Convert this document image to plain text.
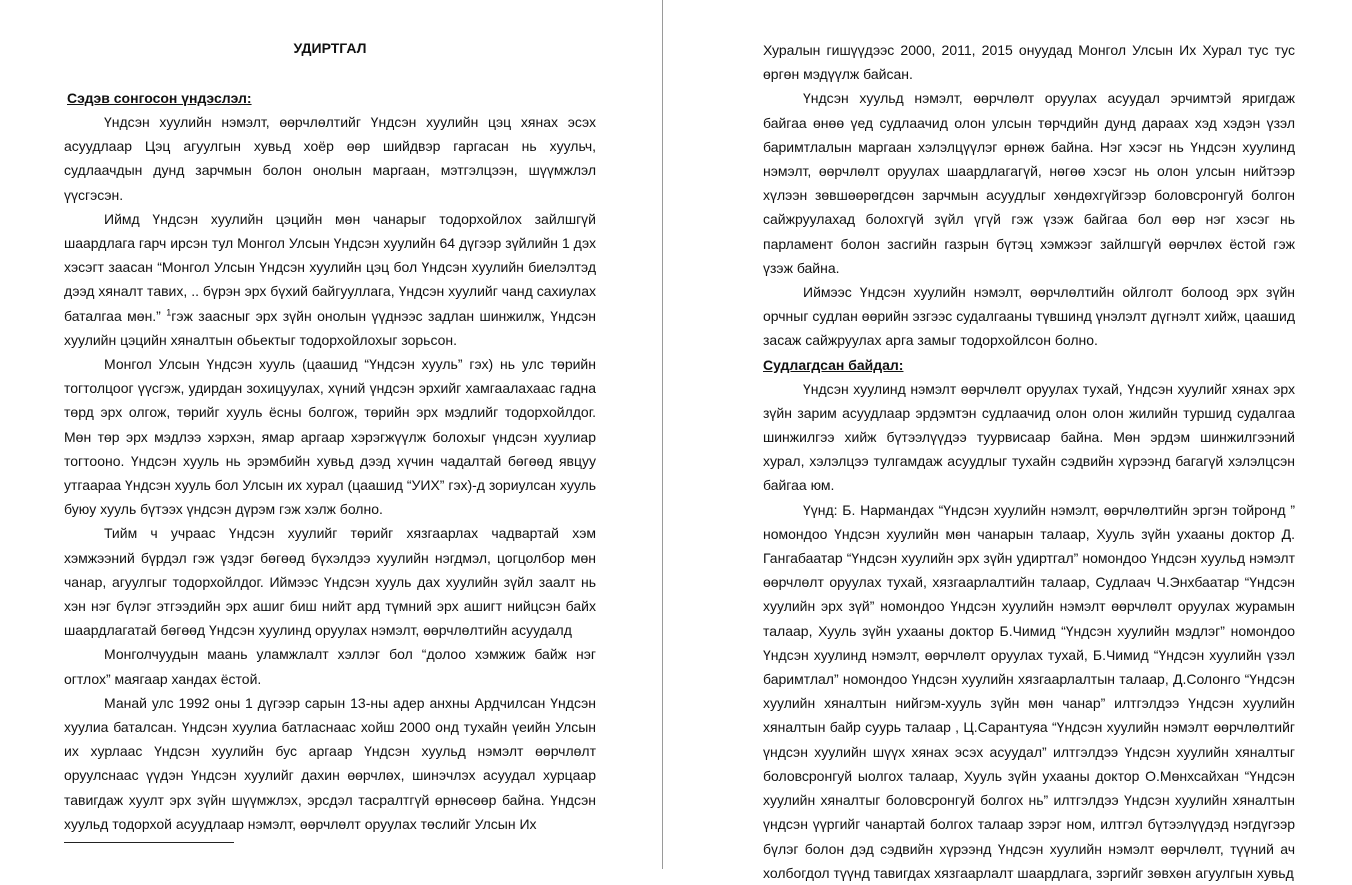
УДИРТГАЛ
Сэдэв сонгосон үндэслэл:

Үндсэн хуулийн нэмэлт, өөрчлөлтийг Үндсэн хуулийн цэц хянах эсэх асуудлаар Цэц агуулгын хувьд хоёр өөр шийдвэр гаргасан нь хуульч, судлаачдын дунд зарчмын болон онолын маргаан, мэтгэлцээн, шүүмжлэл үүсгэсэн.

Иймд Үндсэн хуулийн цэцийн мөн чанарыг тодорхойлох зайлшгүй шаардлага гарч ирсэн тул Монгол Улсын Үндсэн хуулийн 64 дүгээр зүйлийн 1 дэх хэсэгт заасан “Монгол Улсын Үндсэн хуулийн цэц бол Үндсэн хуулийн биелэлтэд дээд хяналт тавих, .. бүрэн эрх бүхий байгууллага, Үндсэн хуулийг чанд сахиулах баталгаа мөн.” $^1$гэж заасныг эрх зүйн онолын үүднээс задлан шинжилж, Үндсэн хуулийн цэцийн хяналтын обьектыг тодорхойлохыг зорьсон.

Монгол Улсын Үндсэн хууль (цаашид “Үндсэн хууль” гэх) нь улс төрийн тогтолцоог үүсгэж, удирдан зохицуулах, хүний үндсэн эрхийг хамгаалахаас гадна төрд эрх олгож, төрийг хууль ёсны болгож, төрийн эрх мэдлийг тодорхойлдог. Мөн төр эрх мэдлээ хэрхэн, ямар аргаар хэрэгжүүлж болохыг үндсэн хуулиар тогтооно. Үндсэн хууль нь эрэмбийн хувьд дээд хүчин чадалтай бөгөөд явцуу утгаараа Үндсэн хууль бол Улсын их хурал (цаашид “УИХ” гэх)-д зориулсан хууль буюу хууль бүтээх үндсэн дүрэм гэж хэлж болно.

Тийм ч учраас Үндсэн хуулийг төрийг хязгаарлах чадвартай хэм хэмжээний бүрдэл гэж үздэг бөгөөд бүхэлдээ хуулийн нэгдмэл, цогцолбор мөн чанар, агуулгыг тодорхойлдог. Иймээс Үндсэн хууль дах хуулийн зүйл заалт нь хэн нэг бүлэг этгээдийн эрх ашиг биш нийт ард түмний эрх ашигт нийцсэн байх шаардлагатай бөгөөд Үндсэн хуулинд оруулах нэмэлт, өөрчлөлтийн асуудалд

Монголчуудын маань уламжлалт хэллэг бол “долоо хэмжиж байж нэг огтлох” маягаар хандах ёстой.

Манай улс 1992 оны 1 дүгээр сарын 13-ны адер анхны Ардчилсан Үндсэн хуулиа баталсан. Үндсэн хуулиа батласнаас хойш 2000 онд тухайн үеийн Улсын их хурлаас Үндсэн хуулийн бус аргаар Үндсэн хуульд нэмэлт өөрчлөлт оруулснаас үүдэн Үндсэн хуулийг дахин өөрчлөх, шинэчлэх асуудал хурцаар тавигдаж хуулт эрх зүйн шүүмжлэх, эрсдэл тасралтгүй өрнөсөөр байна. Үндсэн хуульд тодорхой асуудлаар нэмэлт, өөрчлөлт оруулах төслийг Улсын Их

Хуралын гишүүдээс 2000, 2011, 2015 онуудад Монгол Улсын Их Хурал тус тус өргөн мэдүүлж байсан.

Үндсэн хуульд нэмэлт, өөрчлөлт оруулах асуудал эрчимтэй яригдаж байгаа өнөө үед судлаачид олон улсын төрчдийн дунд дараах хэд хэдэн үзэл баримтлалын маргаан хэлэлцүүлэг өрнөж байна. Нэг хэсэг нь Үндсэн хуулинд нэмэлт, өөрчлөлт оруулах шаардлагагүй, нөгөө хэсэг нь олон улсын нийтээр хүлээн зөвшөөрөгдсөн зарчмын асуудлыг хөндөхгүйгээр боловсронгуй болгон сайжруулахад болохгүй зүйл үгүй гэж үзэж байгаа бол өөр нэг хэсэг нь парламент болон засгийн газрын бүтэц хэмжээг зайлшгүй өөрчлөх ёстой гэж үзэж байна.

Иймээс Үндсэн хуулийн нэмэлт, өөрчлөлтийн ойлголт болоод эрх зүйн орчныг судлан өөрийн эзгээс судалгааны түвшинд үнэлэлт дүгнэлт хийж, цаашид засаж сайжруулах арга замыг тодорхойлсон болно.

Судлагдсан байдал:

Үндсэн хуулинд нэмэлт өөрчлөлт оруулах тухай, Үндсэн хуулийг хянах эрх зүйн зарим асуудлаар эрдэмтэн судлаачид олон олон жилийн туршид судалгаа шинжилгээ хийж бүтээлүүдээ туурвисаар байна. Мөн эрдэм шинжилгээний хурал, хэлэлцээ тулгамдаж асуудлыг тухайн сэдвийн хүрээнд багагүй хэлэлцсэн байгаа юм.

Үүнд: Б. Нармандах “Үндсэн хуулийн нэмэлт, өөрчлөлтийн эргэн тойронд ” номондоо Үндсэн хуулийн мөн чанарын талаар, Хууль зүйн ухааны доктор Д. Гангабаатар “Үндсэн хуулийн эрх зүйн удиртгал” номондоо Үндсэн хуульд нэмэлт өөрчлөлт оруулах тухай, хязгаарлалтийн талаар, Судлаач Ч.Энхбаатар “Үндсэн хуулийн эрх зүй” номондоо Үндсэн хуулийн нэмэлт өөрчлөлт оруулах журамын талаар, Хууль зүйн ухааны доктор Б.Чимид “Үндсэн хуулийн мэдлэг” номондоо Үндсэн хуулинд нэмэлт, өөрчлөлт оруулах тухай, Б.Чимид “Үндсэн хуулийн үзэл баримтлал” номондоо Үндсэн хуулийн хязгаарлалтын талаар, Д.Солонго “Үндсэн хуулийн хяналтын нийгэм-хууль зүйн мөн чанар” илтгэлдээ Үндсэн хуулийн хяналтын байр суурь талаар , Ц.Сарантуяа “Үндсэн хуулийн нэмэлт өөрчлөлтийг үндсэн хуулийн шүүх хянах эсэх асуудал” илтгэлдээ Үндсэн хуулийн хяналтыг боловсронгуй ыолгох талаар, Хууль зүйн ухааны доктор О.Мөнхсайхан “Үндсэн хуулийн хяналтыг боловсронгуй болгох нь” илтгэлдээ Үндсэн хуулийн хяналтын үндсэн үүргийг чанартай болгох талаар зэрэг ном, илтгэл бүтээлүүдэд нэгдүгээр бүлэг болон дэд сэдвийн хүрээнд Үндсэн хуулийн нэмэлт өөрчлөлт, түүний ач холбогдол түүнд тавигдах хязгаарлалт шаардлага, зэргийг зөвхөн агуулгын хувьд
